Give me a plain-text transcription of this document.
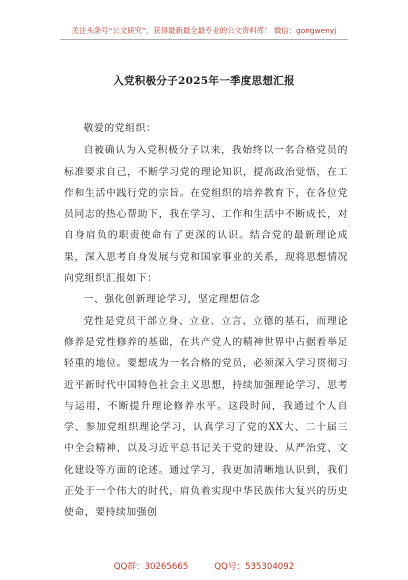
关注头条号“公文研究”，获得最新最全最专业的公文资料库！ 微信：gongwenyj
入党积极分子2025年一季度思想汇报

敬爱的党组织：

自被确认为入党积极分子以来，我始终以一名合格党员的标准要求自己，不断学习党的理论知识，提高政治觉悟，在工作和生活中践行党的宗旨。在党组织的培养教育下，在各位党员同志的热心帮助下，我在学习、工作和生活中不断成长，对自身肩负的职责使命有了更深的认识。结合党的最新理论成果，深入思考自身发展与党和国家事业的关系，现将思想情况向党组织汇报如下：

一、强化创新理论学习，坚定理想信念

党性是党员干部立身、立业、立言、立德的基石，而理论修养是党性修养的基础，在共产党人的精神世界中占据着举足轻重的地位。要想成为一名合格的党员，必须深入学习贯彻习近平新时代中国特色社会主义思想，持续加强理论学习、思考与运用，不断提升理论修养水平。这段时间，我通过个人自学、参加党组织理论学习，认真学习了党的XX大、二十届三中全会精神，以及习近平总书记关于党的建设、从严治党、文化建设等方面的论述。通过学习，我更加清晰地认识到，我们正处于一个伟大的时代，肩负着实现中华民族伟大复兴的历史使命，要持续加强创

QQ群：30265665	QQ号：535304092
